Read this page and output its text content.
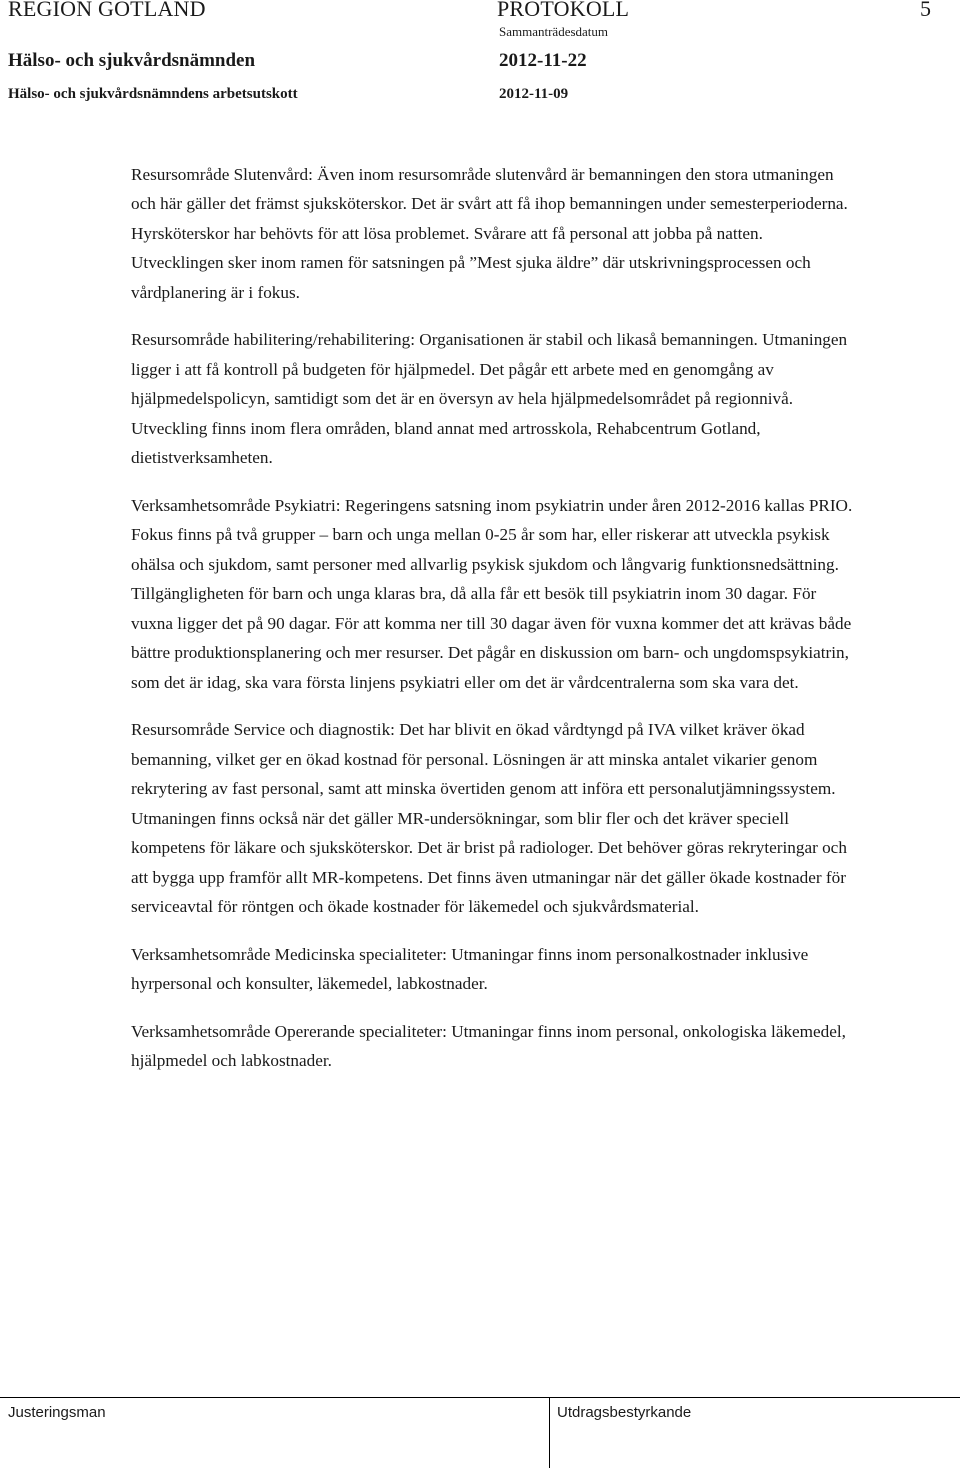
REGION GOTLAND	PROTOKOLL	5
Sammanträdesdatum
Hälso- och sjukvårdsnämnden	2012-11-22
Hälso- och sjukvårdsnämndens arbetsutskott	2012-11-09

Resursområde Slutenvård: Även inom resursområde slutenvård är bemanningen den stora utmaningen och här gäller det främst sjuksköterskor. Det är svårt att få ihop bemanningen under semesterperioderna. Hyrsköterskor har behövts för att lösa problemet. Svårare att få personal att jobba på natten. Utvecklingen sker inom ramen för satsningen på ”Mest sjuka äldre” där utskrivningsprocessen och vårdplanering är i fokus.

Resursområde habilitering/rehabilitering: Organisationen är stabil och likaså bemanningen. Utmaningen ligger i att få kontroll på budgeten för hjälpmedel. Det pågår ett arbete med en genomgång av hjälpmedelspolicyn, samtidigt som det är en översyn av hela hjälpmedelsområdet på regionnivå. Utveckling finns inom flera områden, bland annat med artrosskola, Rehabcentrum Gotland, dietistverksamheten.

Verksamhetsområde Psykiatri: Regeringens satsning inom psykiatrin under åren 2012-2016 kallas PRIO. Fokus finns på två grupper – barn och unga mellan 0-25 år som har, eller riskerar att utveckla psykisk ohälsa och sjukdom, samt personer med allvarlig psykisk sjukdom och långvarig funktionsnedsättning. Tillgängligheten för barn och unga klaras bra, då alla får ett besök till psykiatrin inom 30 dagar. För vuxna ligger det på 90 dagar. För att komma ner till 30 dagar även för vuxna kommer det att krävas både bättre produktionsplanering och mer resurser. Det pågår en diskussion om barn- och ungdomspsykiatrin, som det är idag, ska vara första linjens psykiatri eller om det är vårdcentralerna som ska vara det.

Resursområde Service och diagnostik: Det har blivit en ökad vårdtyngd på IVA vilket kräver ökad bemanning, vilket ger en ökad kostnad för personal. Lösningen är att minska antalet vikarier genom rekrytering av fast personal, samt att minska övertiden genom att införa ett personalutjämningssystem. Utmaningen finns också när det gäller MR-undersökningar, som blir fler och det kräver speciell kompetens för läkare och sjuksköterskor. Det är brist på radiologer. Det behöver göras rekryteringar och att bygga upp framför allt MR-kompetens. Det finns även utmaningar när det gäller ökade kostnader för serviceavtal för röntgen och ökade kostnader för läkemedel och sjukvårdsmaterial.

Verksamhetsområde Medicinska specialiteter: Utmaningar finns inom personalkostnader inklusive hyrpersonal och konsulter, läkemedel, labkostnader.

Verksamhetsområde Opererande specialiteter: Utmaningar finns inom personal, onkologiska läkemedel, hjälpmedel och labkostnader.

Justeringsman	Utdragsbestyrkande
